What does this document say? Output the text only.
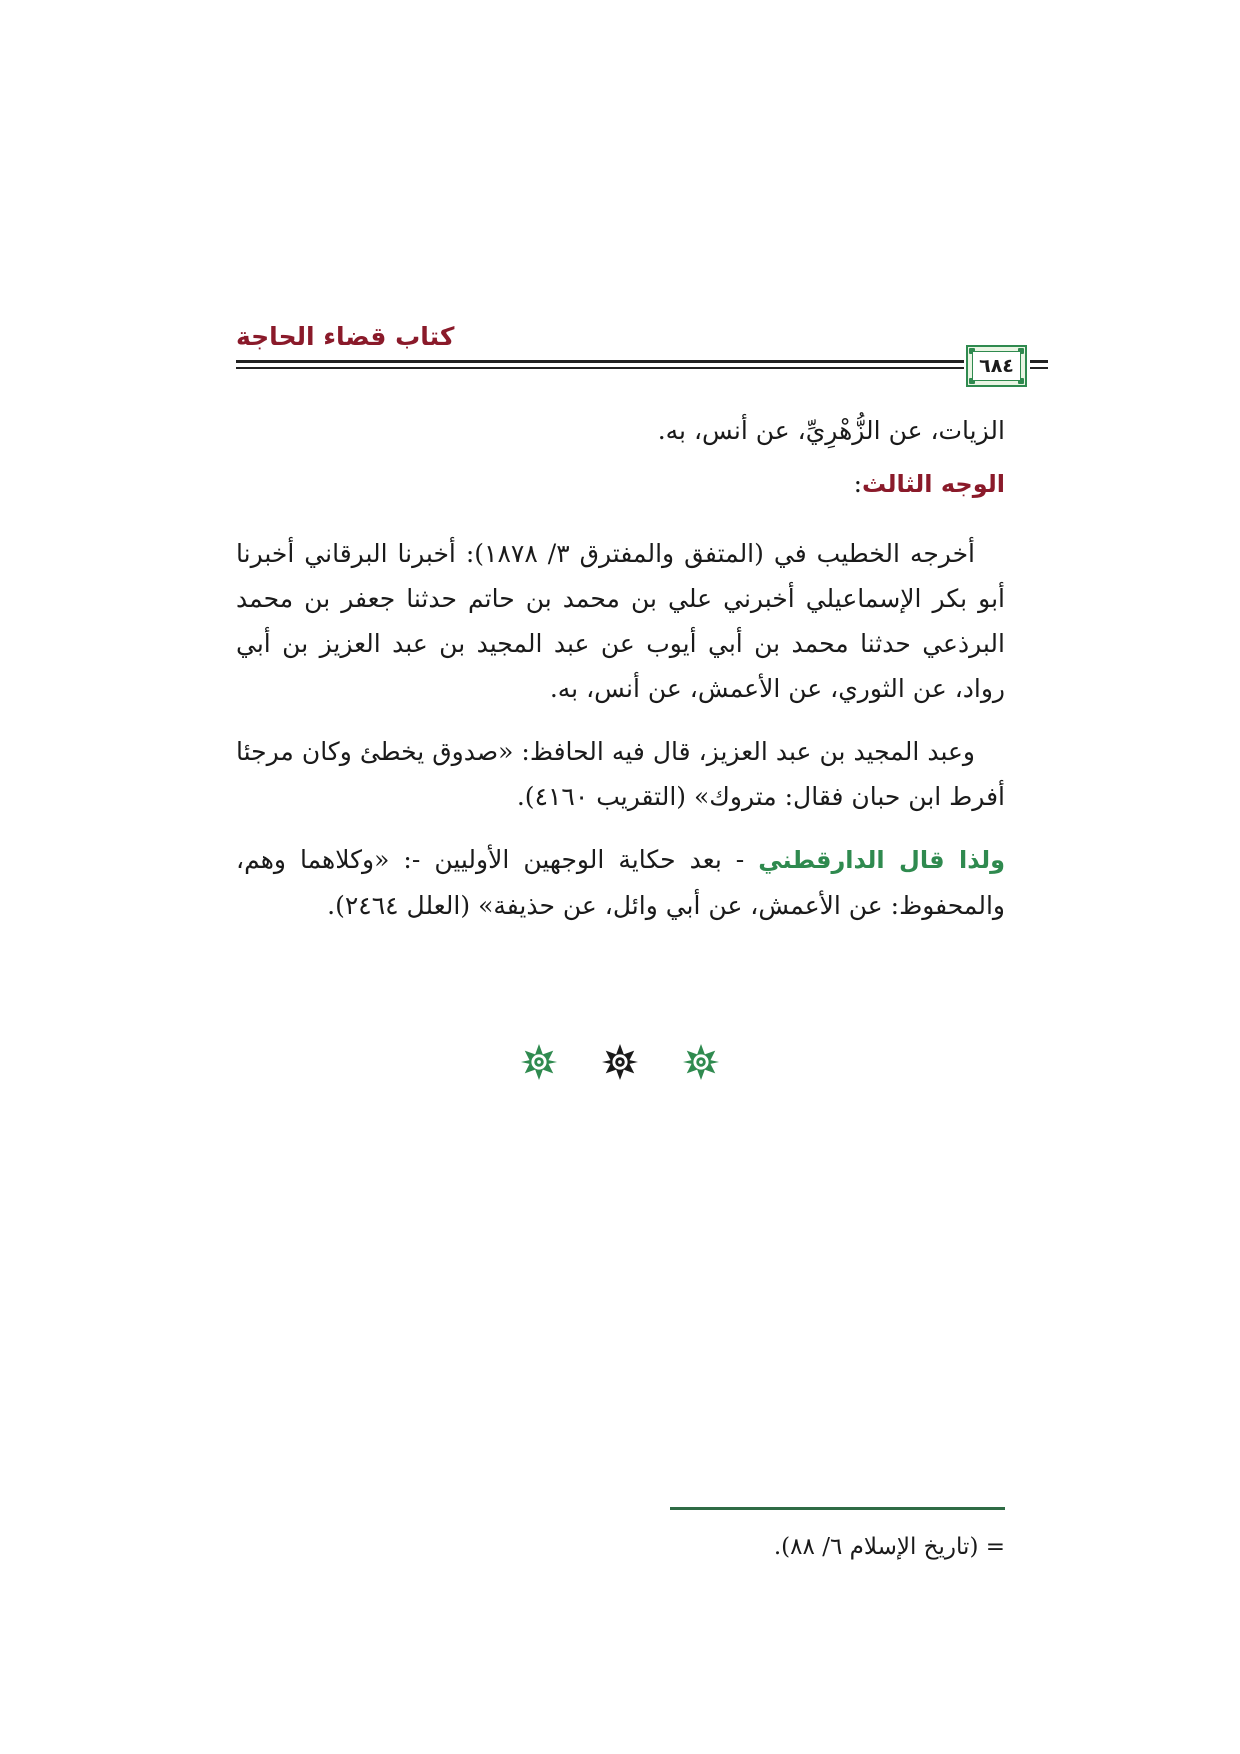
كتاب قضاء الحاجة
٦٨٤

الزيات، عن الزُّهْرِيِّ، عن أنس، به.

الوجه الثالث:

أخرجه الخطيب في (المتفق والمفترق ٣/ ١٨٧٨): أخبرنا البرقاني أخبرنا أبو بكر الإسماعيلي أخبرني علي بن محمد بن حاتم حدثنا جعفر بن محمد البرذعي حدثنا محمد بن أبي أيوب عن عبد المجيد بن عبد العزيز بن أبي رواد، عن الثوري، عن الأعمش، عن أنس، به.

وعبد المجيد بن عبد العزيز، قال فيه الحافظ: «صدوق يخطئ وكان مرجئا أفرط ابن حبان فقال: متروك» (التقريب ٤١٦٠).

ولذا قال الدارقطني - بعد حكاية الوجهين الأوليين -: «وكلاهما وهم، والمحفوظ: عن الأعمش، عن أبي وائل، عن حذيفة» (العلل ٢٤٦٤).

= (تاريخ الإسلام ٦/ ٨٨).
